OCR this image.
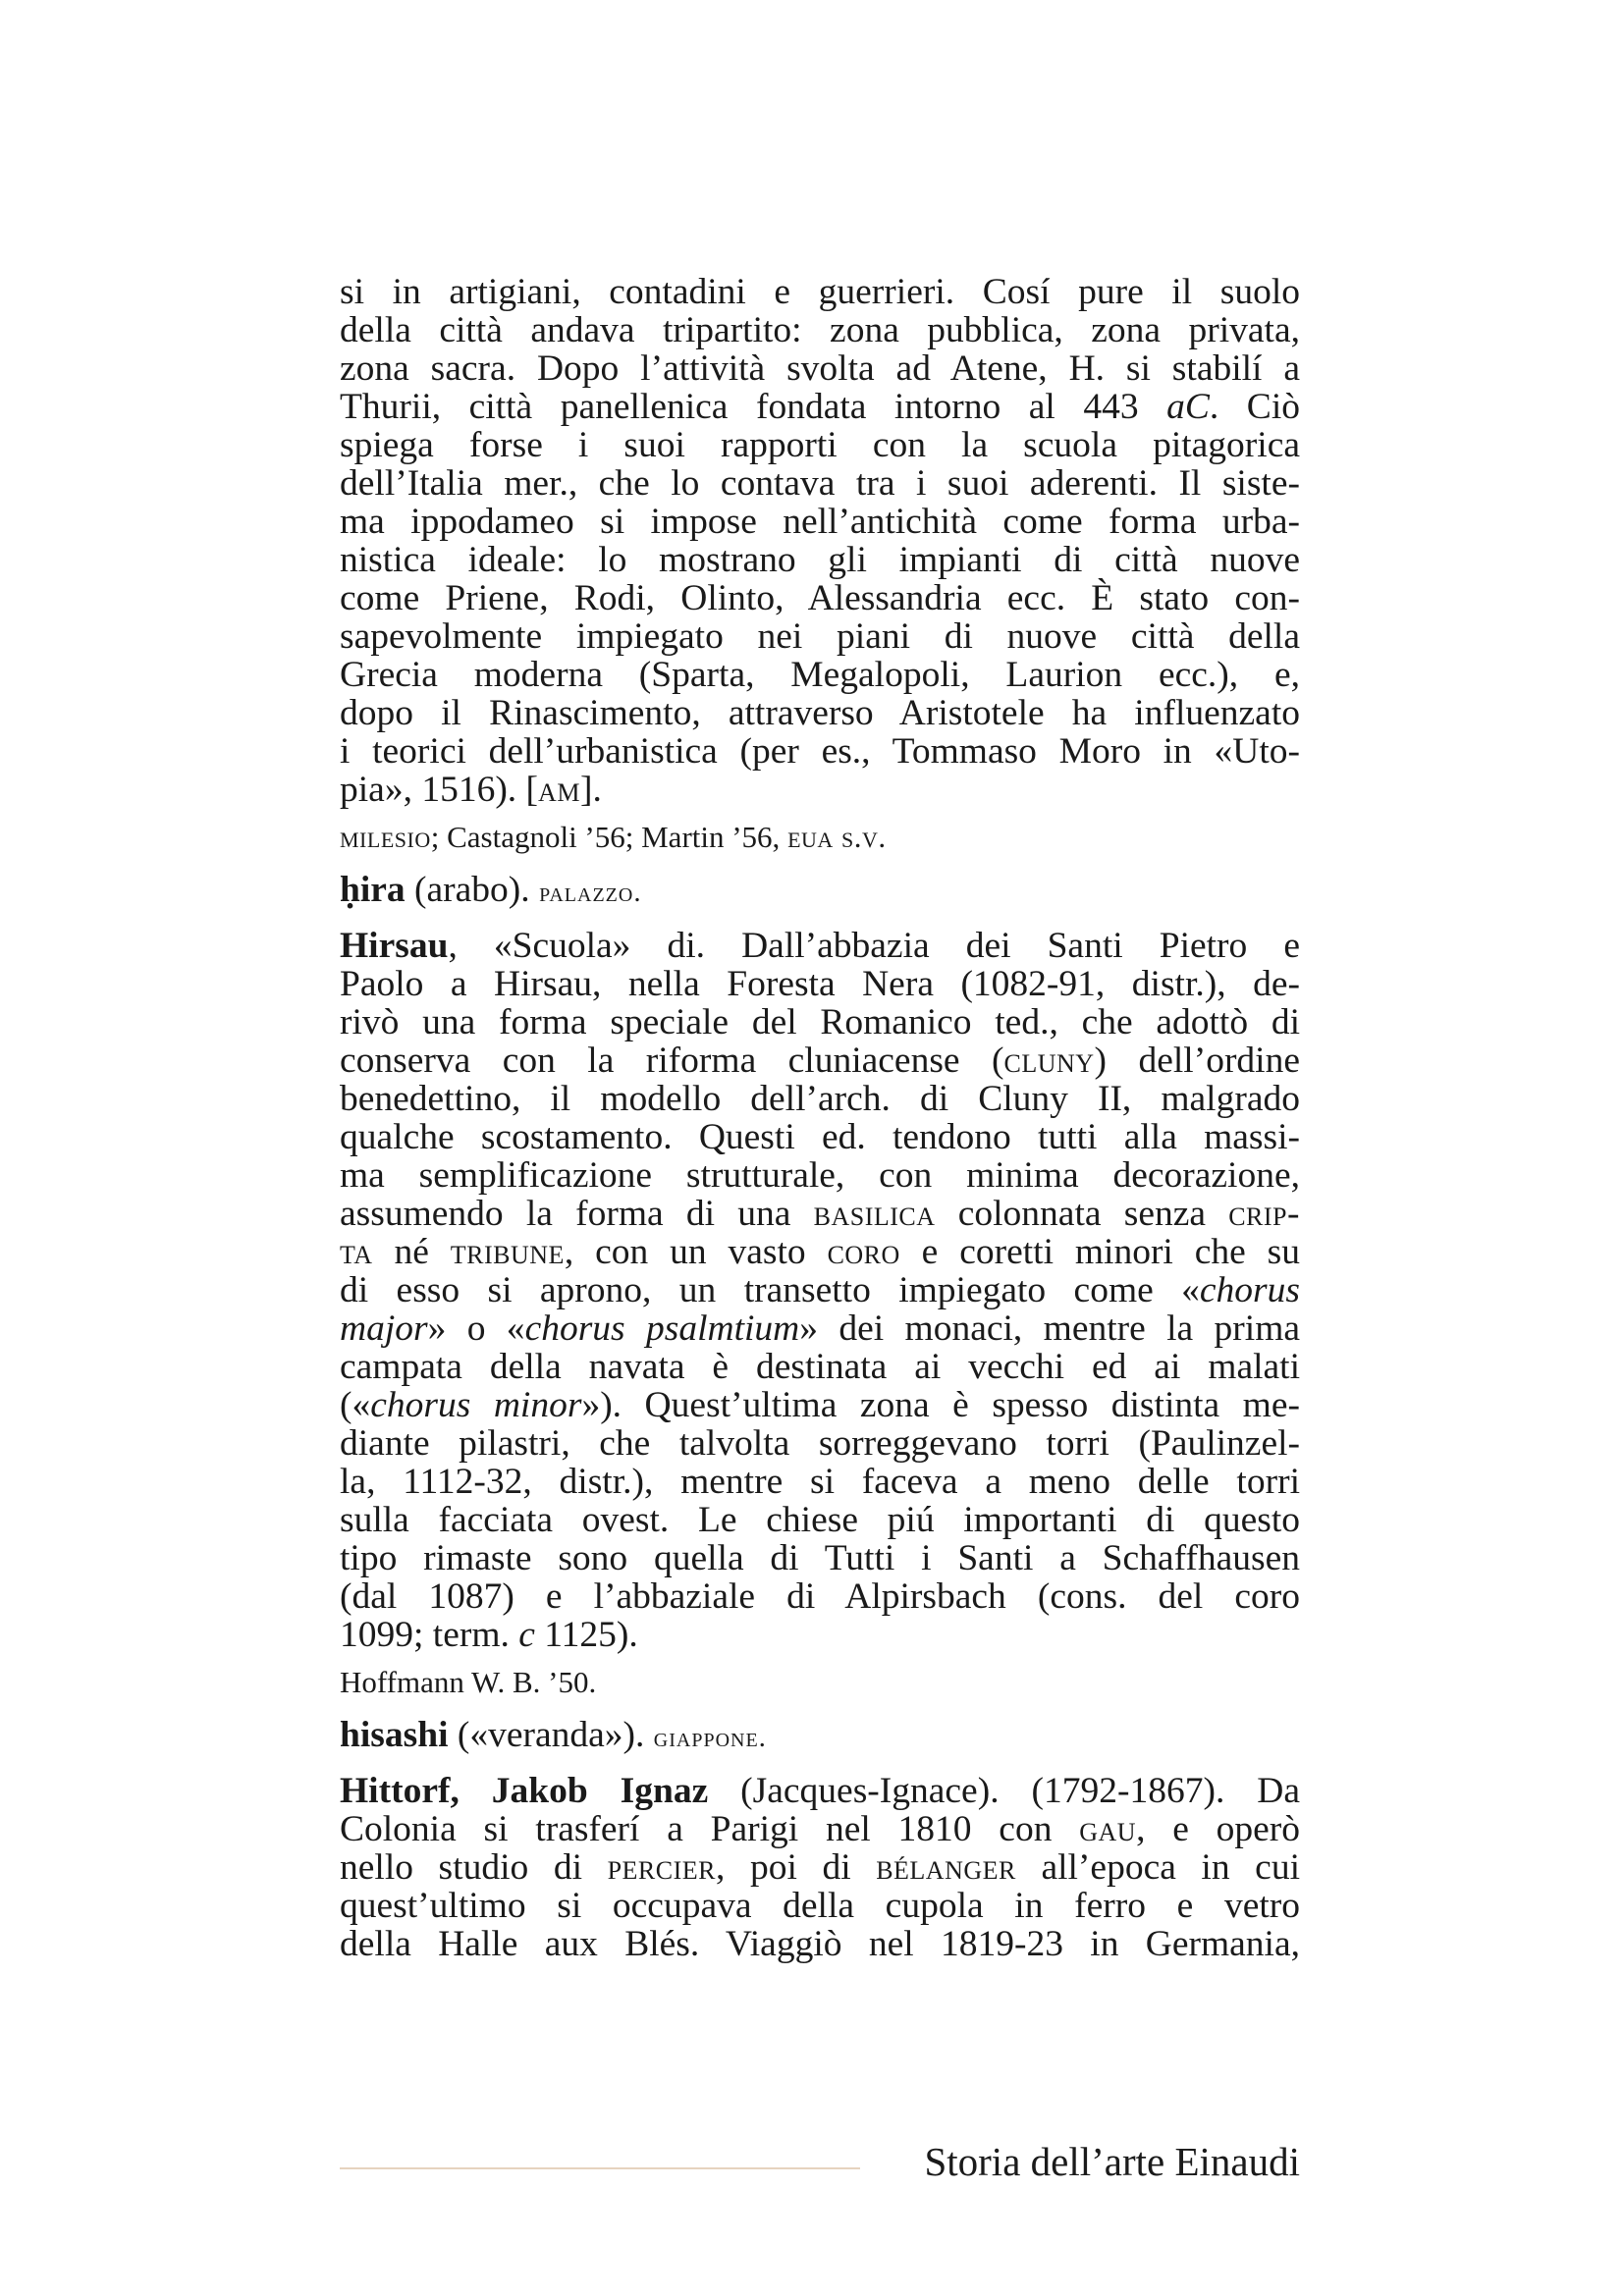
si in artigiani, contadini e guerrieri. Cosí pure il suolo
della città andava tripartito: zona pubblica, zona privata,
zona sacra. Dopo l’attività svolta ad Atene, H. si stabilí a
Thurii, città panellenica fondata intorno al 443 aC. Ciò
spiega forse i suoi rapporti con la scuola pitagorica
dell’Italia mer., che lo contava tra i suoi aderenti. Il siste-
ma ippodameo si impose nell’antichità come forma urba-
nistica ideale: lo mostrano gli impianti di città nuove
come Priene, Rodi, Olinto, Alessandria ecc. È stato con-
sapevolmente impiegato nei piani di nuove città della
Grecia moderna (Sparta, Megalopoli, Laurion ecc.), e,
dopo il Rinascimento, attraverso Aristotele ha influenzato
i teorici dell’urbanistica (per es., Tommaso Moro in «Uto-
pia», 1516). [am].

milesio; Castagnoli ’56; Martin ’56, eua s.v.

ḥira (arabo). palazzo.

Hirsau, «Scuola» di. Dall’abbazia dei Santi Pietro e
Paolo a Hirsau, nella Foresta Nera (1082-91, distr.), de-
rivò una forma speciale del Romanico ted., che adottò di
conserva con la riforma cluniacense (cluny) dell’ordine
benedettino, il modello dell’arch. di Cluny II, malgrado
qualche scostamento. Questi ed. tendono tutti alla massi-
ma semplificazione strutturale, con minima decorazione,
assumendo la forma di una basilica colonnata senza crip-
ta né tribune, con un vasto coro e coretti minori che su
di esso si aprono, un transetto impiegato come «chorus
major» o «chorus psalmtium» dei monaci, mentre la prima
campata della navata è destinata ai vecchi ed ai malati
(«chorus minor»). Quest’ultima zona è spesso distinta me-
diante pilastri, che talvolta sorreggevano torri (Paulinzel-
la, 1112-32, distr.), mentre si faceva a meno delle torri
sulla facciata ovest. Le chiese piú importanti di questo
tipo rimaste sono quella di Tutti i Santi a Schaffhausen
(dal 1087) e l’abbaziale di Alpirsbach (cons. del coro
1099; term. c 1125).

Hoffmann W. B. ’50.

hisashi («veranda»). giappone.

Hittorf, Jakob Ignaz (Jacques-Ignace). (1792-1867). Da
Colonia si trasferí a Parigi nel 1810 con gau, e operò
nello studio di percier, poi di bélanger all’epoca in cui
quest’ultimo si occupava della cupola in ferro e vetro
della Halle aux Blés. Viaggiò nel 1819-23 in Germania,

Storia dell’arte Einaudi
